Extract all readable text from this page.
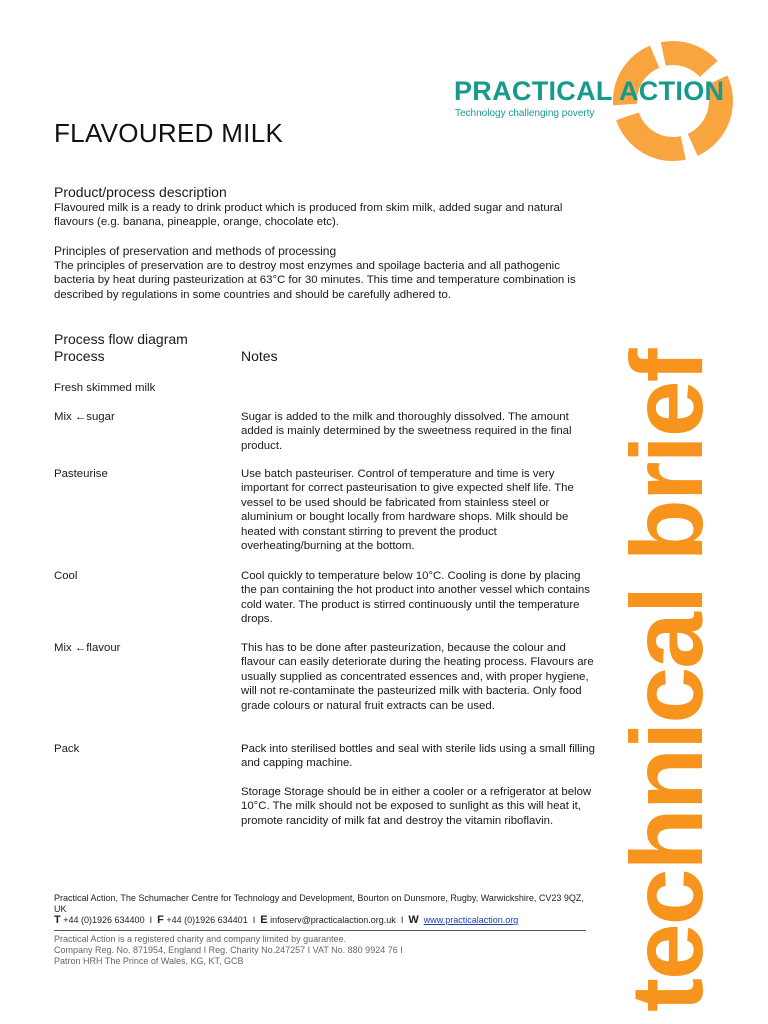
PRACTICAL ACTION
Technology challenging poverty
FLAVOURED MILK
technical brief
Product/process description

Flavoured milk is a ready to drink product which is produced from skim milk, added sugar and natural flavours (e.g. banana, pineapple, orange, chocolate etc).

Principles of preservation and methods of processing

The principles of preservation are to destroy most enzymes and spoilage bacteria and all pathogenic bacteria by heat during pasteurization at 63°C for 30 minutes. This time and temperature combination is described by regulations in some countries and should be carefully adhered to.

Process flow diagram
Process	Notes
Fresh skimmed milk
Mix ←sugar	Sugar is added to the milk and thoroughly dissolved. The amount added is mainly determined by the sweetness required in the final product.
Pasteurise	Use batch pasteuriser. Control of temperature and time is very important for correct pasteurisation to give expected shelf life. The vessel to be used should be fabricated from stainless steel or aluminium or bought locally from hardware shops. Milk should be heated with constant stirring to prevent the product overheating/burning at the bottom.
Cool	Cool quickly to temperature below 10°C. Cooling is done by placing the pan containing the hot product into another vessel which contains cold water. The product is stirred continuously until the temperature drops.
Mix ←flavour	This has to be done after pasteurization, because the colour and flavour can easily deteriorate during the heating process. Flavours are usually supplied as concentrated essences and, with proper hygiene, will not re-contaminate the pasteurized milk with bacteria. Only food grade colours or natural fruit extracts can be used.
Pack	Pack into sterilised bottles and seal with sterile lids using a small filling and capping machine.
Storage Storage should be in either a cooler or a refrigerator at below 10°C. The milk should not be exposed to sunlight as this will heat it, promote rancidity of milk fat and destroy the vitamin riboflavin.
Practical Action, The Schumacher Centre for Technology and Development, Bourton on Dunsmore, Rugby, Warwickshire, CV23 9QZ, UK
T +44 (0)1926 634400 I F +44 (0)1926 634401 I E infoserv@practicalaction.org.uk I W www.practicalaction.org
Practical Action is a registered charity and company limited by guarantee.
Company Reg. No. 871954, England I Reg. Charity No.247257 I VAT No. 880 9924 76 I
Patron HRH The Prince of Wales, KG, KT, GCB
